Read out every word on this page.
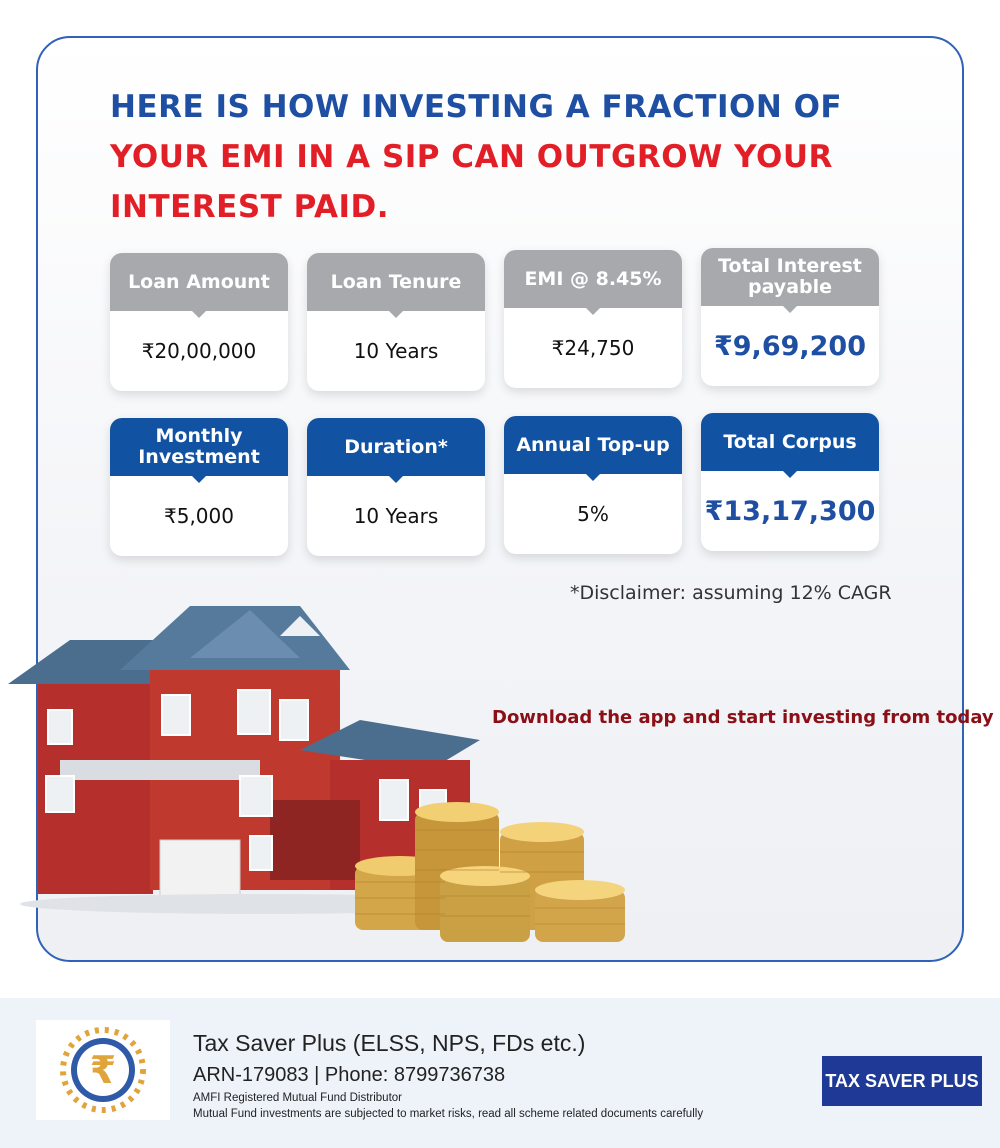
HERE IS HOW INVESTING A FRACTION OF
YOUR EMI IN A SIP CAN OUTGROW YOUR
INTEREST PAID.
Loan Amount
₹20,00,000
Loan Tenure
10 Years
EMI @ 8.45%
₹24,750
Total Interest payable
₹9,69,200
Monthly Investment
₹5,000
Duration*
10 Years
Annual Top-up
5%
Total Corpus
₹13,17,300
*Disclaimer: assuming 12% CAGR
Download the app and start investing from today
₹
Tax Saver Plus (ELSS, NPS, FDs etc.)
ARN-179083 | Phone: 8799736738
AMFI Registered Mutual Fund Distributor
Mutual Fund investments are subjected to market risks, read all scheme related documents carefully
TAX SAVER PLUS
